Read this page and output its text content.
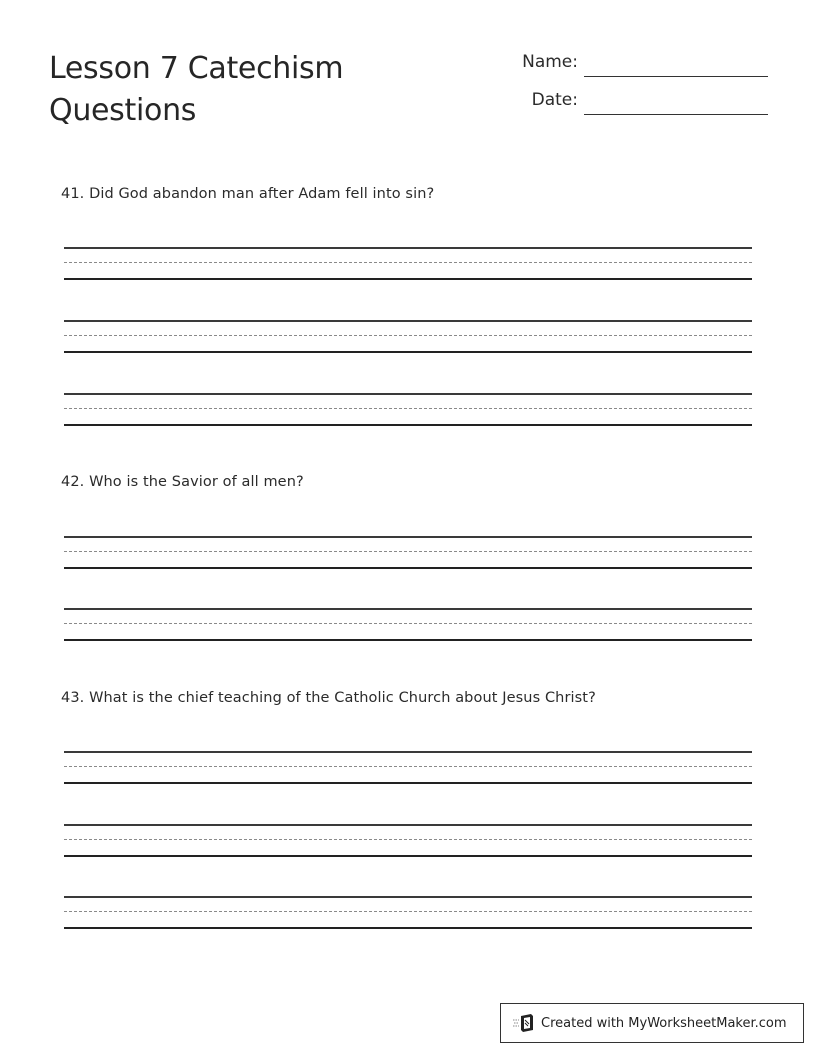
Lesson 7 Catechism
Questions
Name:
Date:
41. Did God abandon man after Adam fell into sin?
42. Who is the Savior of all men?
43. What is the chief teaching of the Catholic Church about Jesus Christ?
Created with MyWorksheetMaker.com
